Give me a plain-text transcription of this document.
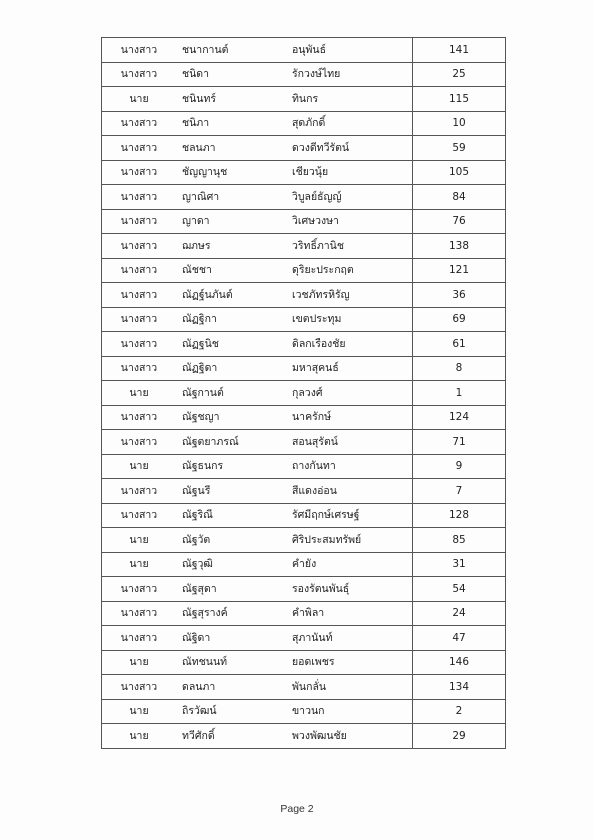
นางสาว	ชนากานต์	อนุพันธ์	141
นางสาว	ชนิดา	รักวงษ์ไทย	25
นาย	ชนินทร์	ทินกร	115
นางสาว	ชนิภา	สุดภักดิ์	10
นางสาว	ชลนภา	ดวงดีทวีรัตน์	59
นางสาว	ชัญญานุช	เชียวนุ้ย	105
นางสาว	ญาณิศา	วิบูลย์ธัญญ์	84
นางสาว	ญาดา	วิเศษวงษา	76
นางสาว	ฌภษร	วริทธิ์ภานิช	138
นางสาว	ณัชชา	ดุริยะประกฤต	121
นางสาว	ณัฏฐ์นภันต์	เวชภัทรหิรัญ	36
นางสาว	ณัฏฐิกา	เขตประทุม	69
นางสาว	ณัฏฐนิช	ดิลกเรืองชัย	61
นางสาว	ณัฏฐิดา	มหาสุคนธ์	8
นาย	ณัฐกานต์	กุลวงศ์	1
นางสาว	ณัฐชญา	นาครักษ์	124
นางสาว	ณัฐตยาภรณ์	สอนสุรัตน์	71
นาย	ณัฐธนกร	ถางกันทา	9
นางสาว	ณัฐนรี	สีแดงอ่อน	7
นางสาว	ณัฐริณี	รัศมีฤกษ์เศรษฐ์	128
นาย	ณัฐวัต	ศิริประสมทรัพย์	85
นาย	ณัฐวุฒิ	คำยัง	31
นางสาว	ณัฐสุดา	รองรัตนพันธุ์	54
นางสาว	ณัฐสุรางค์	คำพิลา	24
นางสาว	ณัฐิดา	สุภานันท์	47
นาย	ณัทชนนท์	ยอดเพชร	146
นางสาว	ดลนภา	พันกลั่น	134
นาย	ถิรวัฒน์	ขาวนก	2
นาย	ทวีศักดิ์	พวงพัฒนชัย	29
Page 2
